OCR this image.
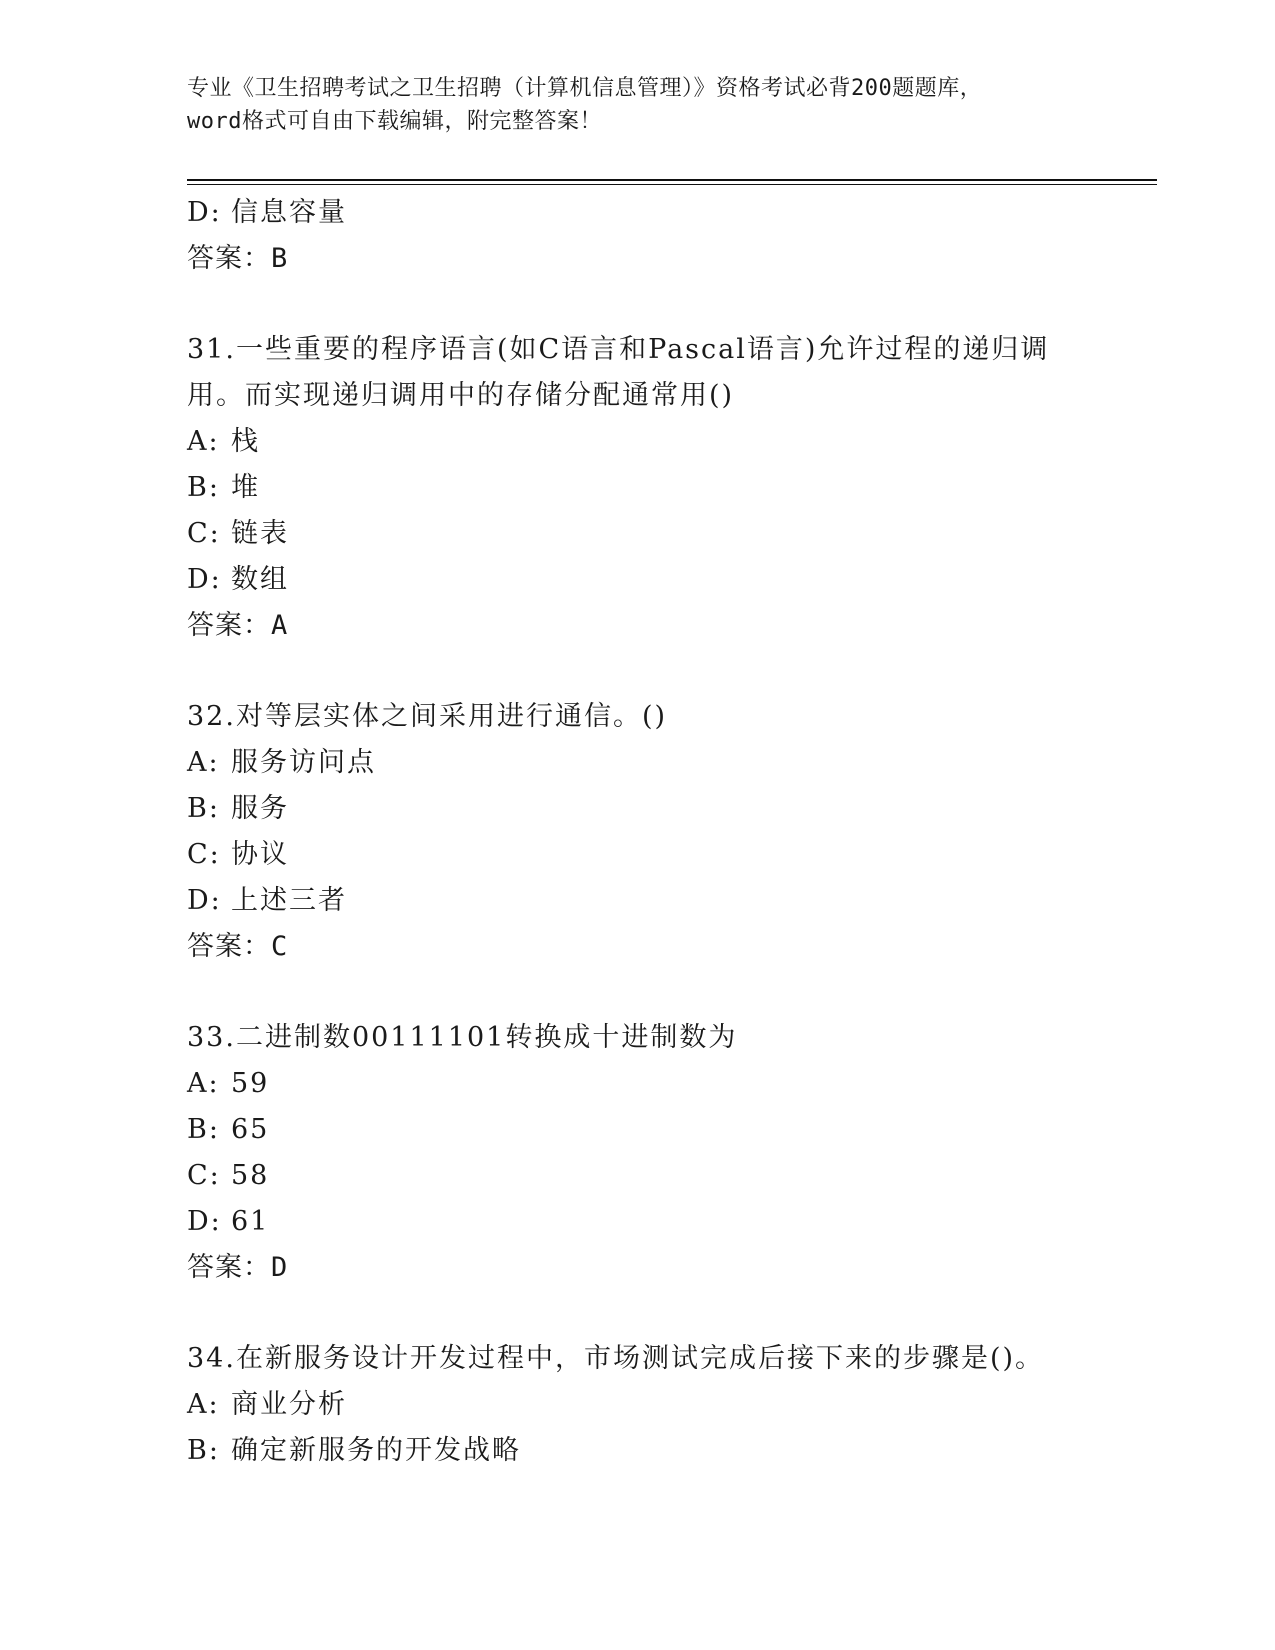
专业《卫生招聘考试之卫生招聘（计算机信息管理）》资格考试必背200题题库，
word格式可自由下载编辑，附完整答案！
D: 信息容量
答案：B
31.一些重要的程序语言(如C语言和Pascal语言)允许过程的递归调
用。而实现递归调用中的存储分配通常用()
A: 栈
B: 堆
C: 链表
D: 数组
答案：A
32.对等层实体之间采用进行通信。()
A: 服务访问点
B: 服务
C: 协议
D: 上述三者
答案：C
33.二进制数00111101转换成十进制数为
A: 59
B: 65
C: 58
D: 61
答案：D
34.在新服务设计开发过程中，市场测试完成后接下来的步骤是()。
A: 商业分析
B: 确定新服务的开发战略
